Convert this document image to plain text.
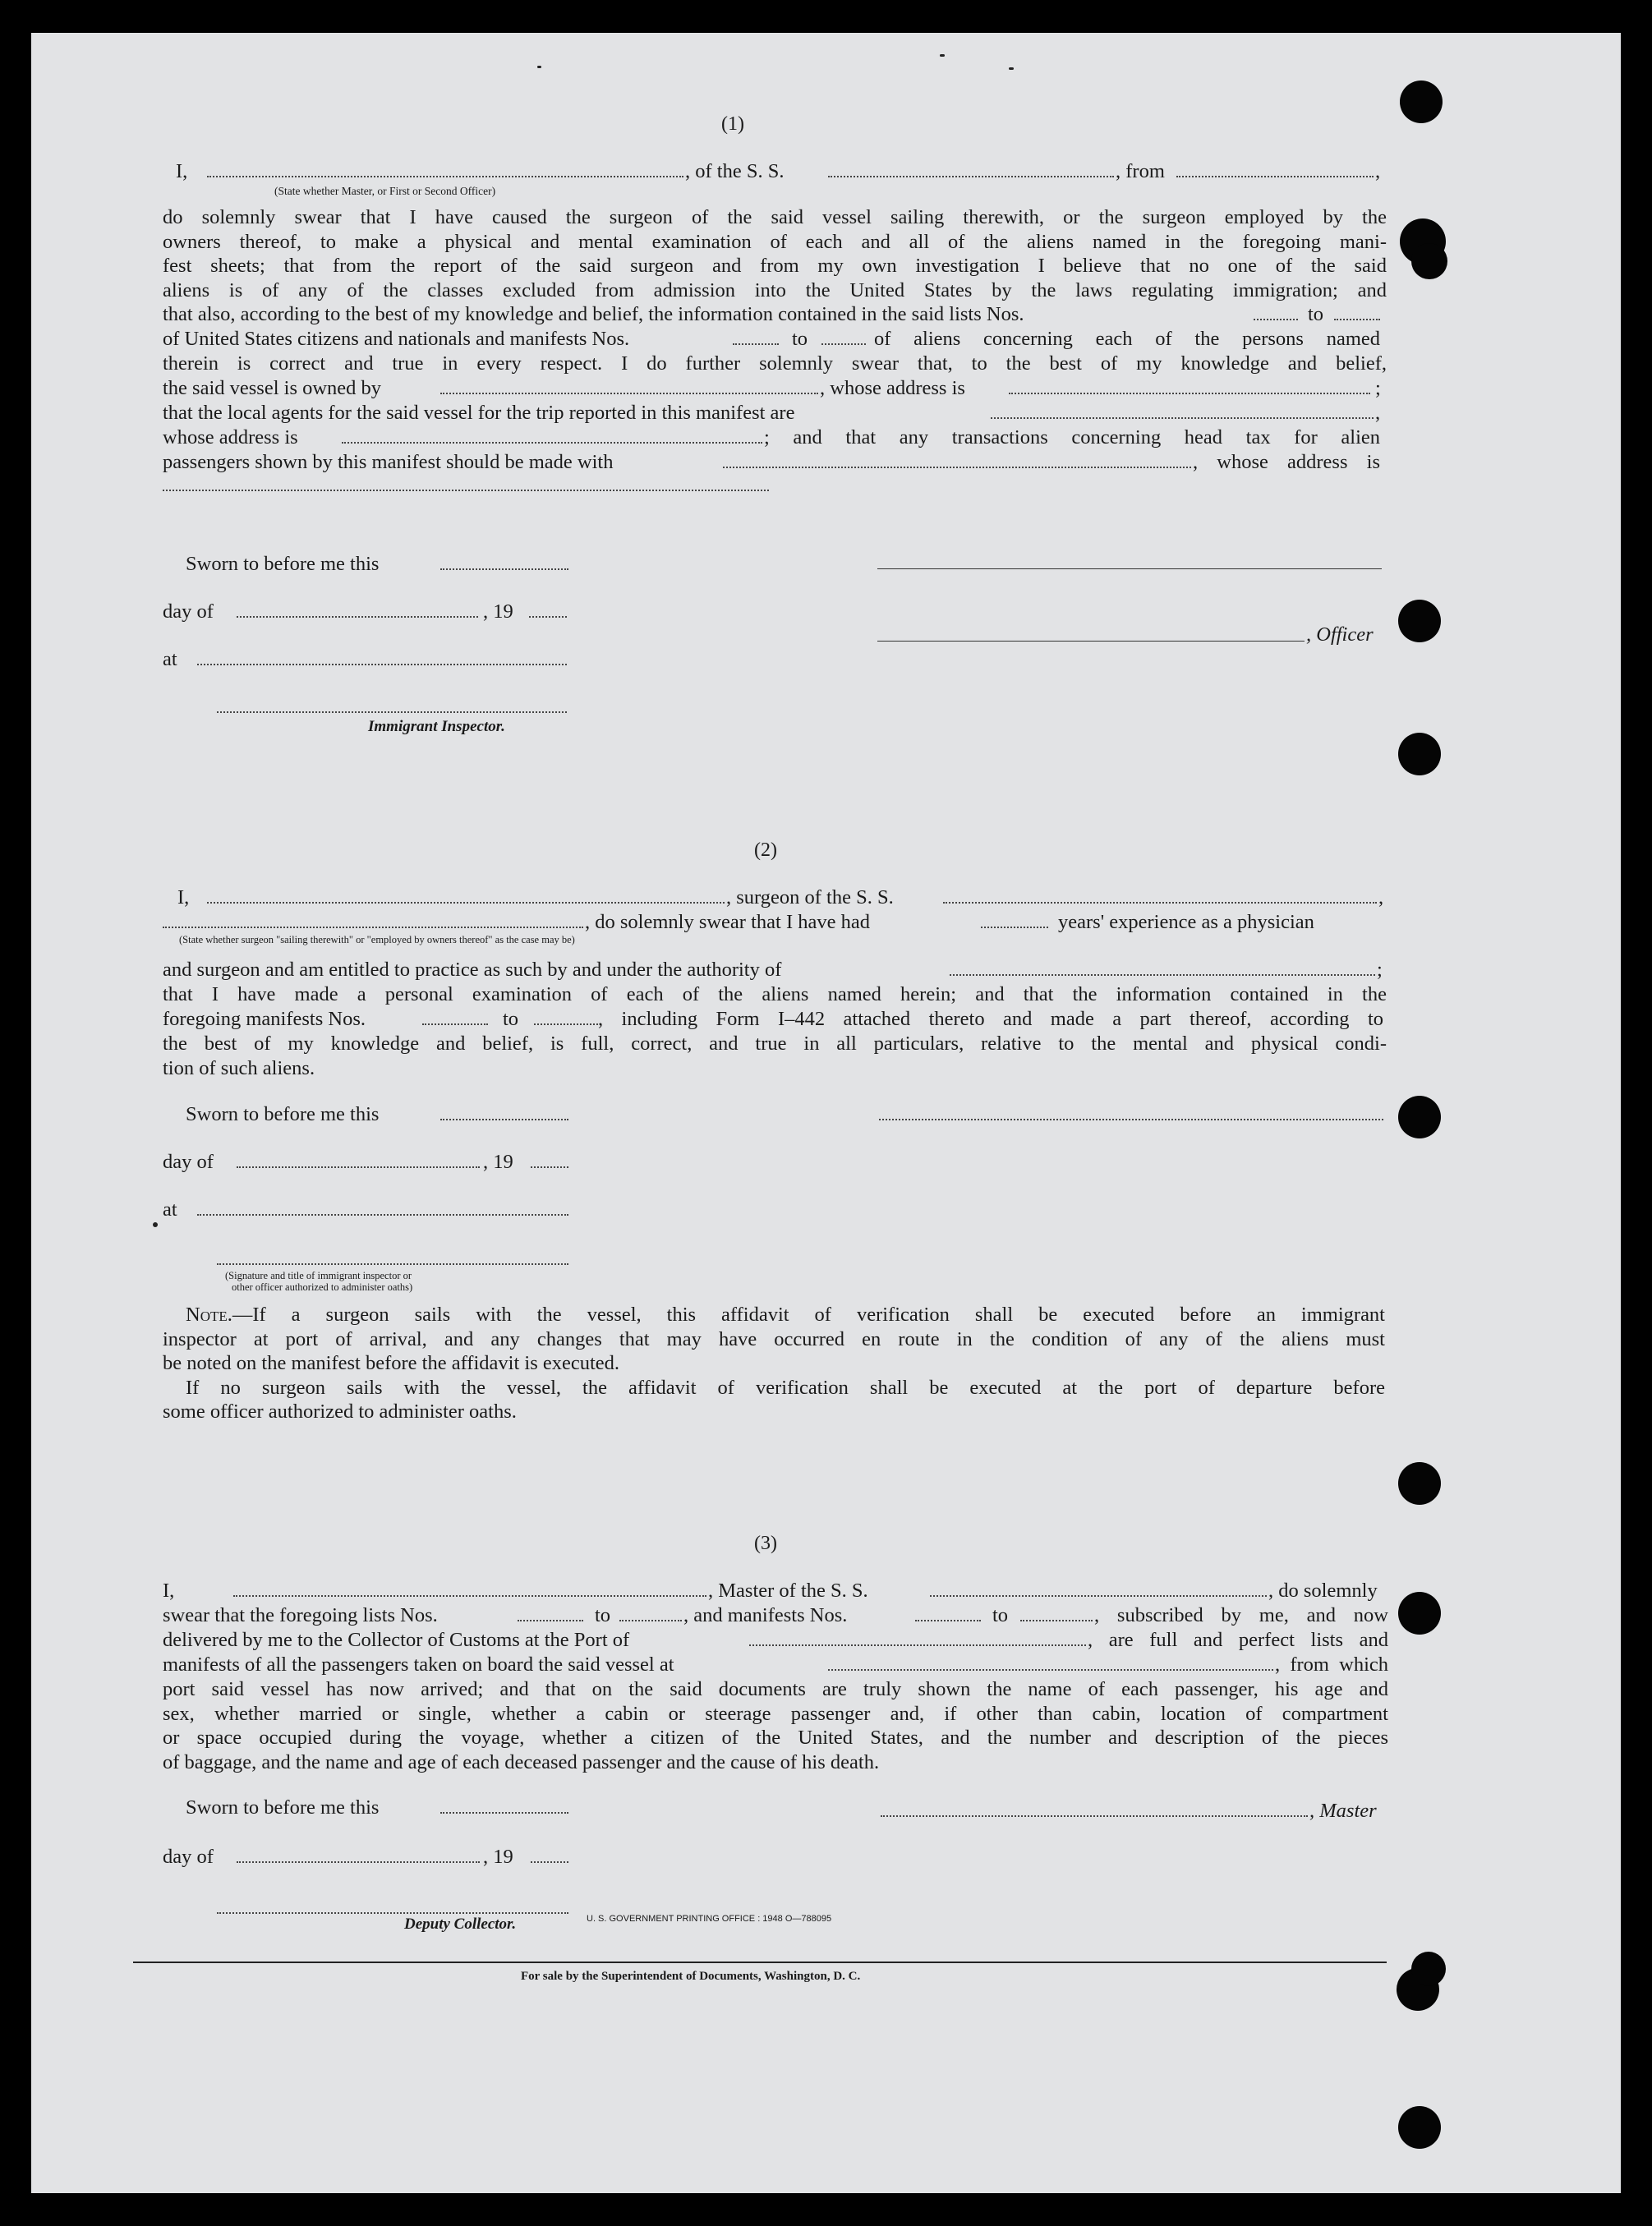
(1)
I,	, of the S. S.	, from	,
(State whether Master, or First or Second Officer)
do solemnly swear that I have caused the surgeon of the said vessel sailing therewith, or the surgeon employed by the
owners thereof, to make a physical and mental examination of each and all of the aliens named in the foregoing mani-
fest sheets; that from the report of the said surgeon and from my own investigation I believe that no one of the said
aliens is of any of the classes excluded from admission into the United States by the laws regulating immigration; and
that also, according to the best of my knowledge and belief, the information contained in the said lists Nos.	to
of United States citizens and nationals and manifests Nos.	to	of aliens concerning each of the persons named
therein is correct and true in every respect. I do further solemnly swear that, to the best of my knowledge and belief,
the said vessel is owned by	, whose address is	;
that the local agents for the said vessel for the trip reported in this manifest are	,
whose address is	; and that any transactions concerning head tax for alien
passengers shown by this manifest should be made with	, whose address is
Sworn to before me this
day of	, 19
, Officer
at
Immigrant Inspector.
(2)
I,	, surgeon of the S. S.	,
, do solemnly swear that I have had	years' experience as a physician
(State whether surgeon "sailing therewith" or "employed by owners thereof" as the case may be)
and surgeon and am entitled to practice as such by and under the authority of	;
that I have made a personal examination of each of the aliens named herein; and that the information contained in the
foregoing manifests Nos.	to	, including Form I–442 attached thereto and made a part thereof, according to
the best of my knowledge and belief, is full, correct, and true in all particulars, relative to the mental and physical condi-
tion of such aliens.
Sworn to before me this
day of	, 19
at
(Signature and title of immigrant inspector or
other officer authorized to administer oaths)
Note.—If a surgeon sails with the vessel, this affidavit of verification shall be executed before an immigrant
inspector at port of arrival, and any changes that may have occurred en route in the condition of any of the aliens must
be noted on the manifest before the affidavit is executed.
If no surgeon sails with the vessel, the affidavit of verification shall be executed at the port of departure before
some officer authorized to administer oaths.
(3)
I,	, Master of the S. S.	, do solemnly
swear that the foregoing lists Nos.	to	, and manifests Nos.	to	, subscribed by me, and now
delivered by me to the Collector of Customs at the Port of	, are full and perfect lists and
manifests of all the passengers taken on board the said vessel at	, from which
port said vessel has now arrived; and that on the said documents are truly shown the name of each passenger, his age and
sex, whether married or single, whether a cabin or steerage passenger and, if other than cabin, location of compartment
or space occupied during the voyage, whether a citizen of the United States, and the number and description of the pieces
of baggage, and the name and age of each deceased passenger and the cause of his death.
Sworn to before me this	, Master
day of	, 19
Deputy Collector.	U. S. GOVERNMENT PRINTING OFFICE : 1948 O—788095
For sale by the Superintendent of Documents, Washington, D. C.
